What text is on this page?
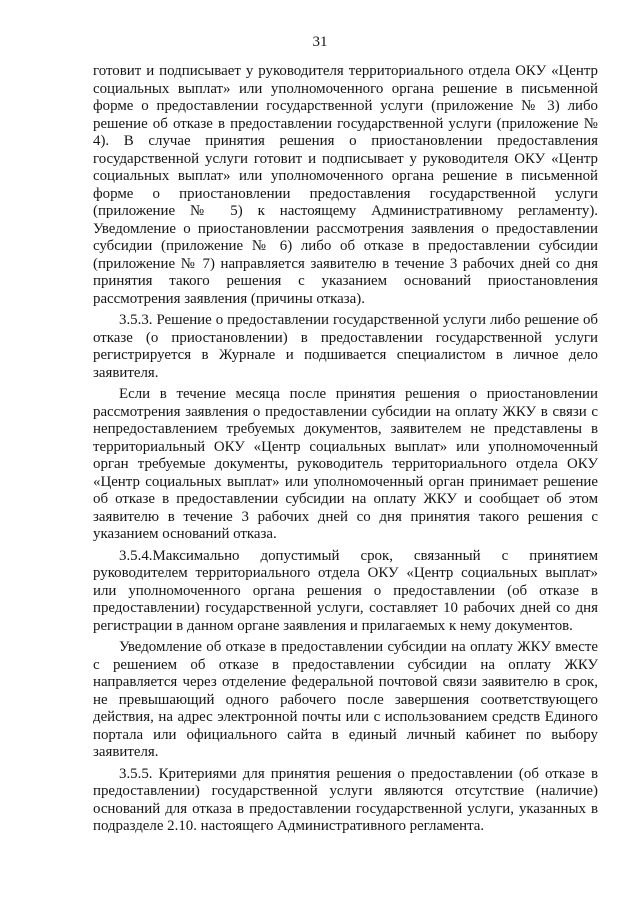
31

готовит и подписывает у руководителя территориального отдела ОКУ «Центр социальных выплат» или уполномоченного органа решение в письменной форме о предоставлении государственной услуги (приложение № 3) либо решение об отказе в предоставлении государственной услуги (приложение № 4). В случае принятия решения о приостановлении предоставления государственной услуги готовит и подписывает у руководителя ОКУ «Центр социальных выплат» или уполномоченного органа решение в письменной форме о приостановлении предоставления государственной услуги (приложение № 5) к настоящему Административному регламенту). Уведомление о приостановлении рассмотрения заявления о предоставлении субсидии (приложение № 6) либо об отказе в предоставлении субсидии (приложение № 7) направляется заявителю в течение 3 рабочих дней со дня принятия такого решения с указанием оснований приостановления рассмотрения заявления (причины отказа).

3.5.3. Решение о предоставлении государственной услуги либо решение об отказе (о приостановлении) в предоставлении государственной услуги регистрируется в Журнале и подшивается специалистом в личное дело заявителя.

Если в течение месяца после принятия решения о приостановлении рассмотрения заявления о предоставлении субсидии на оплату ЖКУ в связи с непредоставлением требуемых документов, заявителем не представлены в территориальный ОКУ «Центр социальных выплат» или уполномоченный орган требуемые документы, руководитель территориального отдела ОКУ «Центр социальных выплат» или уполномоченный орган принимает решение об отказе в предоставлении субсидии на оплату ЖКУ и сообщает об этом заявителю в течение 3 рабочих дней со дня принятия такого решения с указанием оснований отказа.

3.5.4.Максимально допустимый срок, связанный с принятием руководителем территориального отдела ОКУ «Центр социальных выплат» или уполномоченного органа решения о предоставлении (об отказе в предоставлении) государственной услуги, составляет 10 рабочих дней со дня регистрации в данном органе заявления и прилагаемых к нему документов.

Уведомление об отказе в предоставлении субсидии на оплату ЖКУ вместе с решением об отказе в предоставлении субсидии на оплату ЖКУ направляется через отделение федеральной почтовой связи заявителю в срок, не превышающий одного рабочего после завершения соответствующего действия, на адрес электронной почты или с использованием средств Единого портала или официального сайта в единый личный кабинет по выбору заявителя.

3.5.5. Критериями для принятия решения о предоставлении (об отказе в предоставлении) государственной услуги являются отсутствие (наличие) оснований для отказа в предоставлении государственной услуги, указанных в подразделе 2.10. настоящего Административного регламента.
